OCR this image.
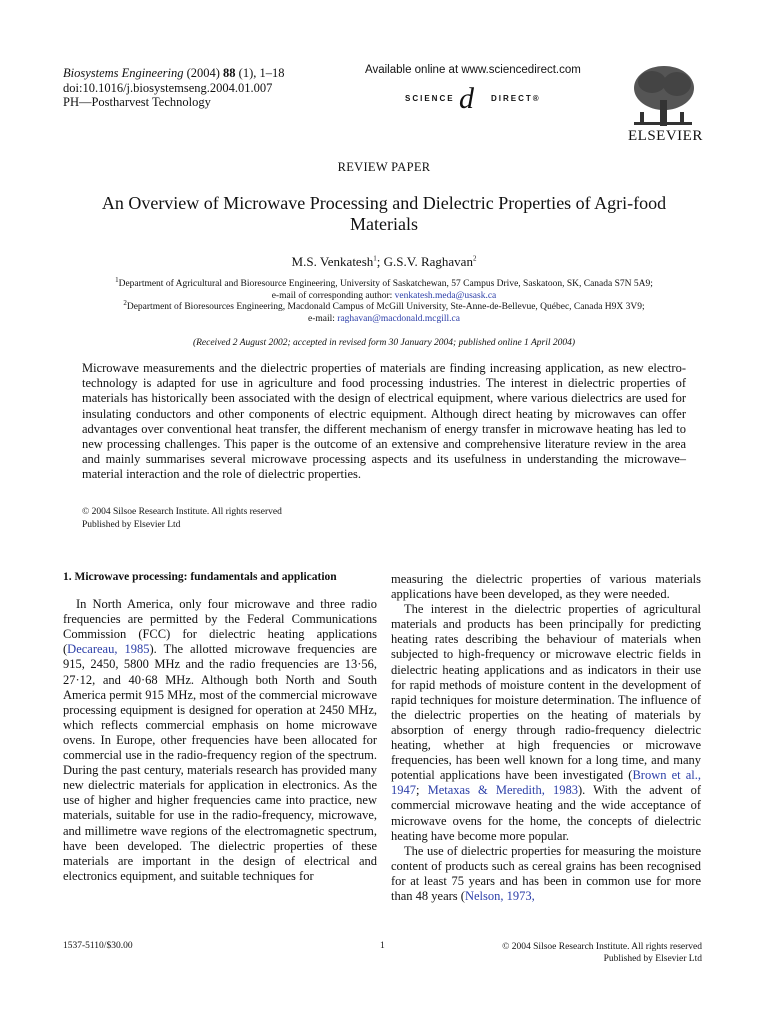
Biosystems Engineering (2004) 88 (1), 1–18
doi:10.1016/j.biosystemseng.2004.01.007
PH—Postharvest Technology
Available online at www.sciencedirect.com
SCIENCE d DIRECT®
ELSEVIER
REVIEW PAPER
An Overview of Microwave Processing and Dielectric Properties of Agri-food Materials
M.S. Venkatesh$^1$; G.S.V. Raghavan$^2$
$^1$Department of Agricultural and Bioresource Engineering, University of Saskatchewan, 57 Campus Drive, Saskatoon, SK, Canada S7N 5A9;
e-mail of corresponding author: venkatesh.meda@usask.ca
$^2$Department of Bioresources Engineering, Macdonald Campus of McGill University, Ste-Anne-de-Bellevue, Québec, Canada H9X 3V9;
e-mail: raghavan@macdonald.mcgill.ca
(Received 2 August 2002; accepted in revised form 30 January 2004; published online 1 April 2004)
Microwave measurements and the dielectric properties of materials are finding increasing application, as new electro-technology is adapted for use in agriculture and food processing industries. The interest in dielectric properties of materials has historically been associated with the design of electrical equipment, where various dielectrics are used for insulating conductors and other components of electric equipment. Although direct heating by microwaves can offer advantages over conventional heat transfer, the different mechanism of energy transfer in microwave heating has led to new processing challenges. This paper is the outcome of an extensive and comprehensive literature review in the area and mainly summarises several microwave processing aspects and its usefulness in understanding the microwave–material interaction and the role of dielectric properties.
© 2004 Silsoe Research Institute. All rights reserved
Published by Elsevier Ltd

1. Microwave processing: fundamentals and application

In North America, only four microwave and three radio frequencies are permitted by the Federal Communications Commission (FCC) for dielectric heating applications (Decareau, 1985). The allotted microwave frequencies are 915, 2450, 5800 MHz and the radio frequencies are 13·56, 27·12, and 40·68 MHz. Although both North and South America permit 915 MHz, most of the commercial microwave processing equipment is designed for operation at 2450 MHz, which reflects commercial emphasis on home microwave ovens. In Europe, other frequencies have been allocated for commercial use in the radio-frequency region of the spectrum. During the past century, materials research has provided many new dielectric materials for application in electronics. As the use of higher and higher frequencies came into practice, new materials, suitable for use in the radio-frequency, microwave, and millimetre wave regions of the electromagnetic spectrum, have been developed. The dielectric properties of these materials are important in the design of electrical and electronics equipment, and suitable techniques for

measuring the dielectric properties of various materials applications have been developed, as they were needed.

The interest in the dielectric properties of agricultural materials and products has been principally for predicting heating rates describing the behaviour of materials when subjected to high-frequency or microwave electric fields in dielectric heating applications and as indicators in their use for rapid methods of moisture content in the development of rapid techniques for moisture determination. The influence of the dielectric properties on the heating of materials by absorption of energy through radio-frequency dielectric heating, whether at high frequencies or microwave frequencies, has been well known for a long time, and many potential applications have been investigated (Brown et al., 1947; Metaxas & Meredith, 1983). With the advent of commercial microwave heating and the wide acceptance of microwave ovens for the home, the concepts of dielectric heating have become more popular.

The use of dielectric properties for measuring the moisture content of products such as cereal grains has been recognised for at least 75 years and has been in common use for more than 48 years (Nelson, 1973,

1537-5110/$30.00	1	© 2004 Silsoe Research Institute. All rights reserved
Published by Elsevier Ltd
